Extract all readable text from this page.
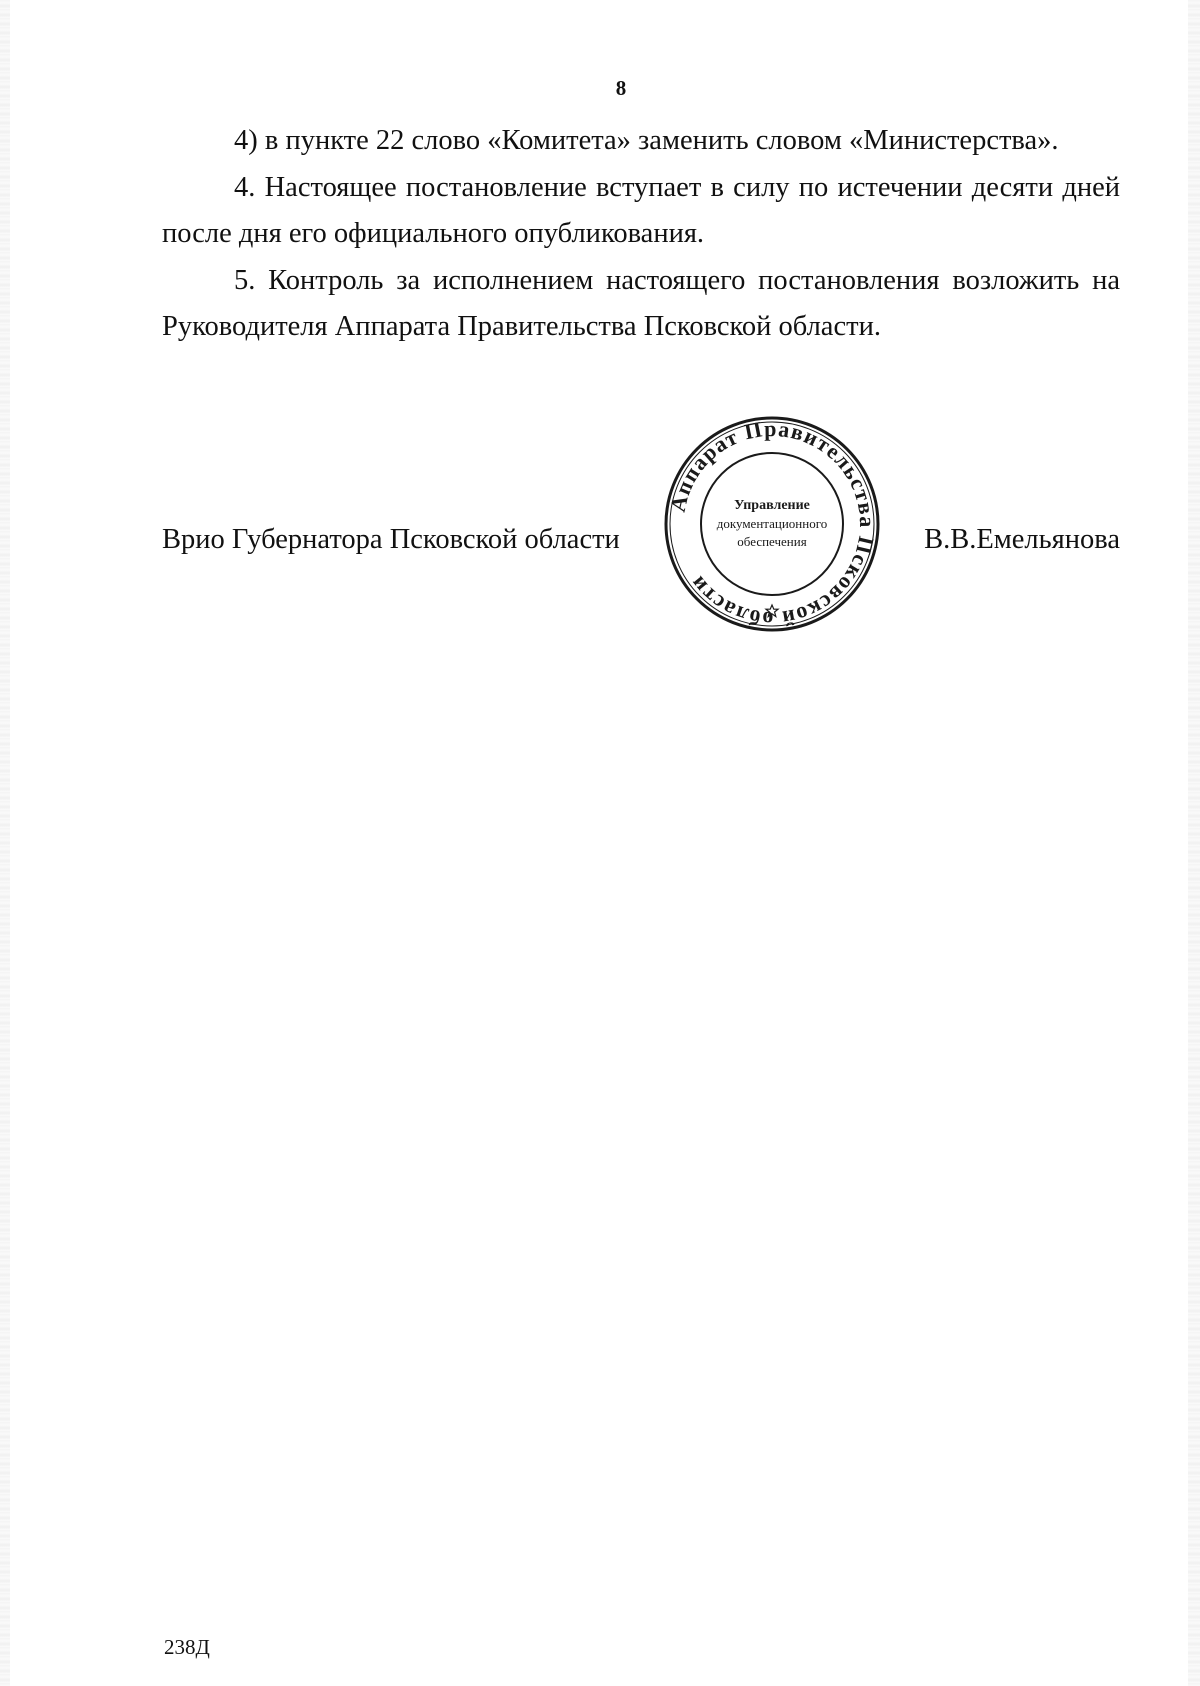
8

4) в пункте 22 слово «Комитета» заменить словом «Министерства».

4. Настоящее постановление вступает в силу по истечении десяти дней после дня его официального опубликования.

5. Контроль за исполнением настоящего постановления возложить на Руководителя Аппарата Правительства Псковской области.

Врио Губернатора Псковской области	В.В.Емельянова
Аппарат Правительства Псковской области
Управление
документационного
обеспечения
238Д
